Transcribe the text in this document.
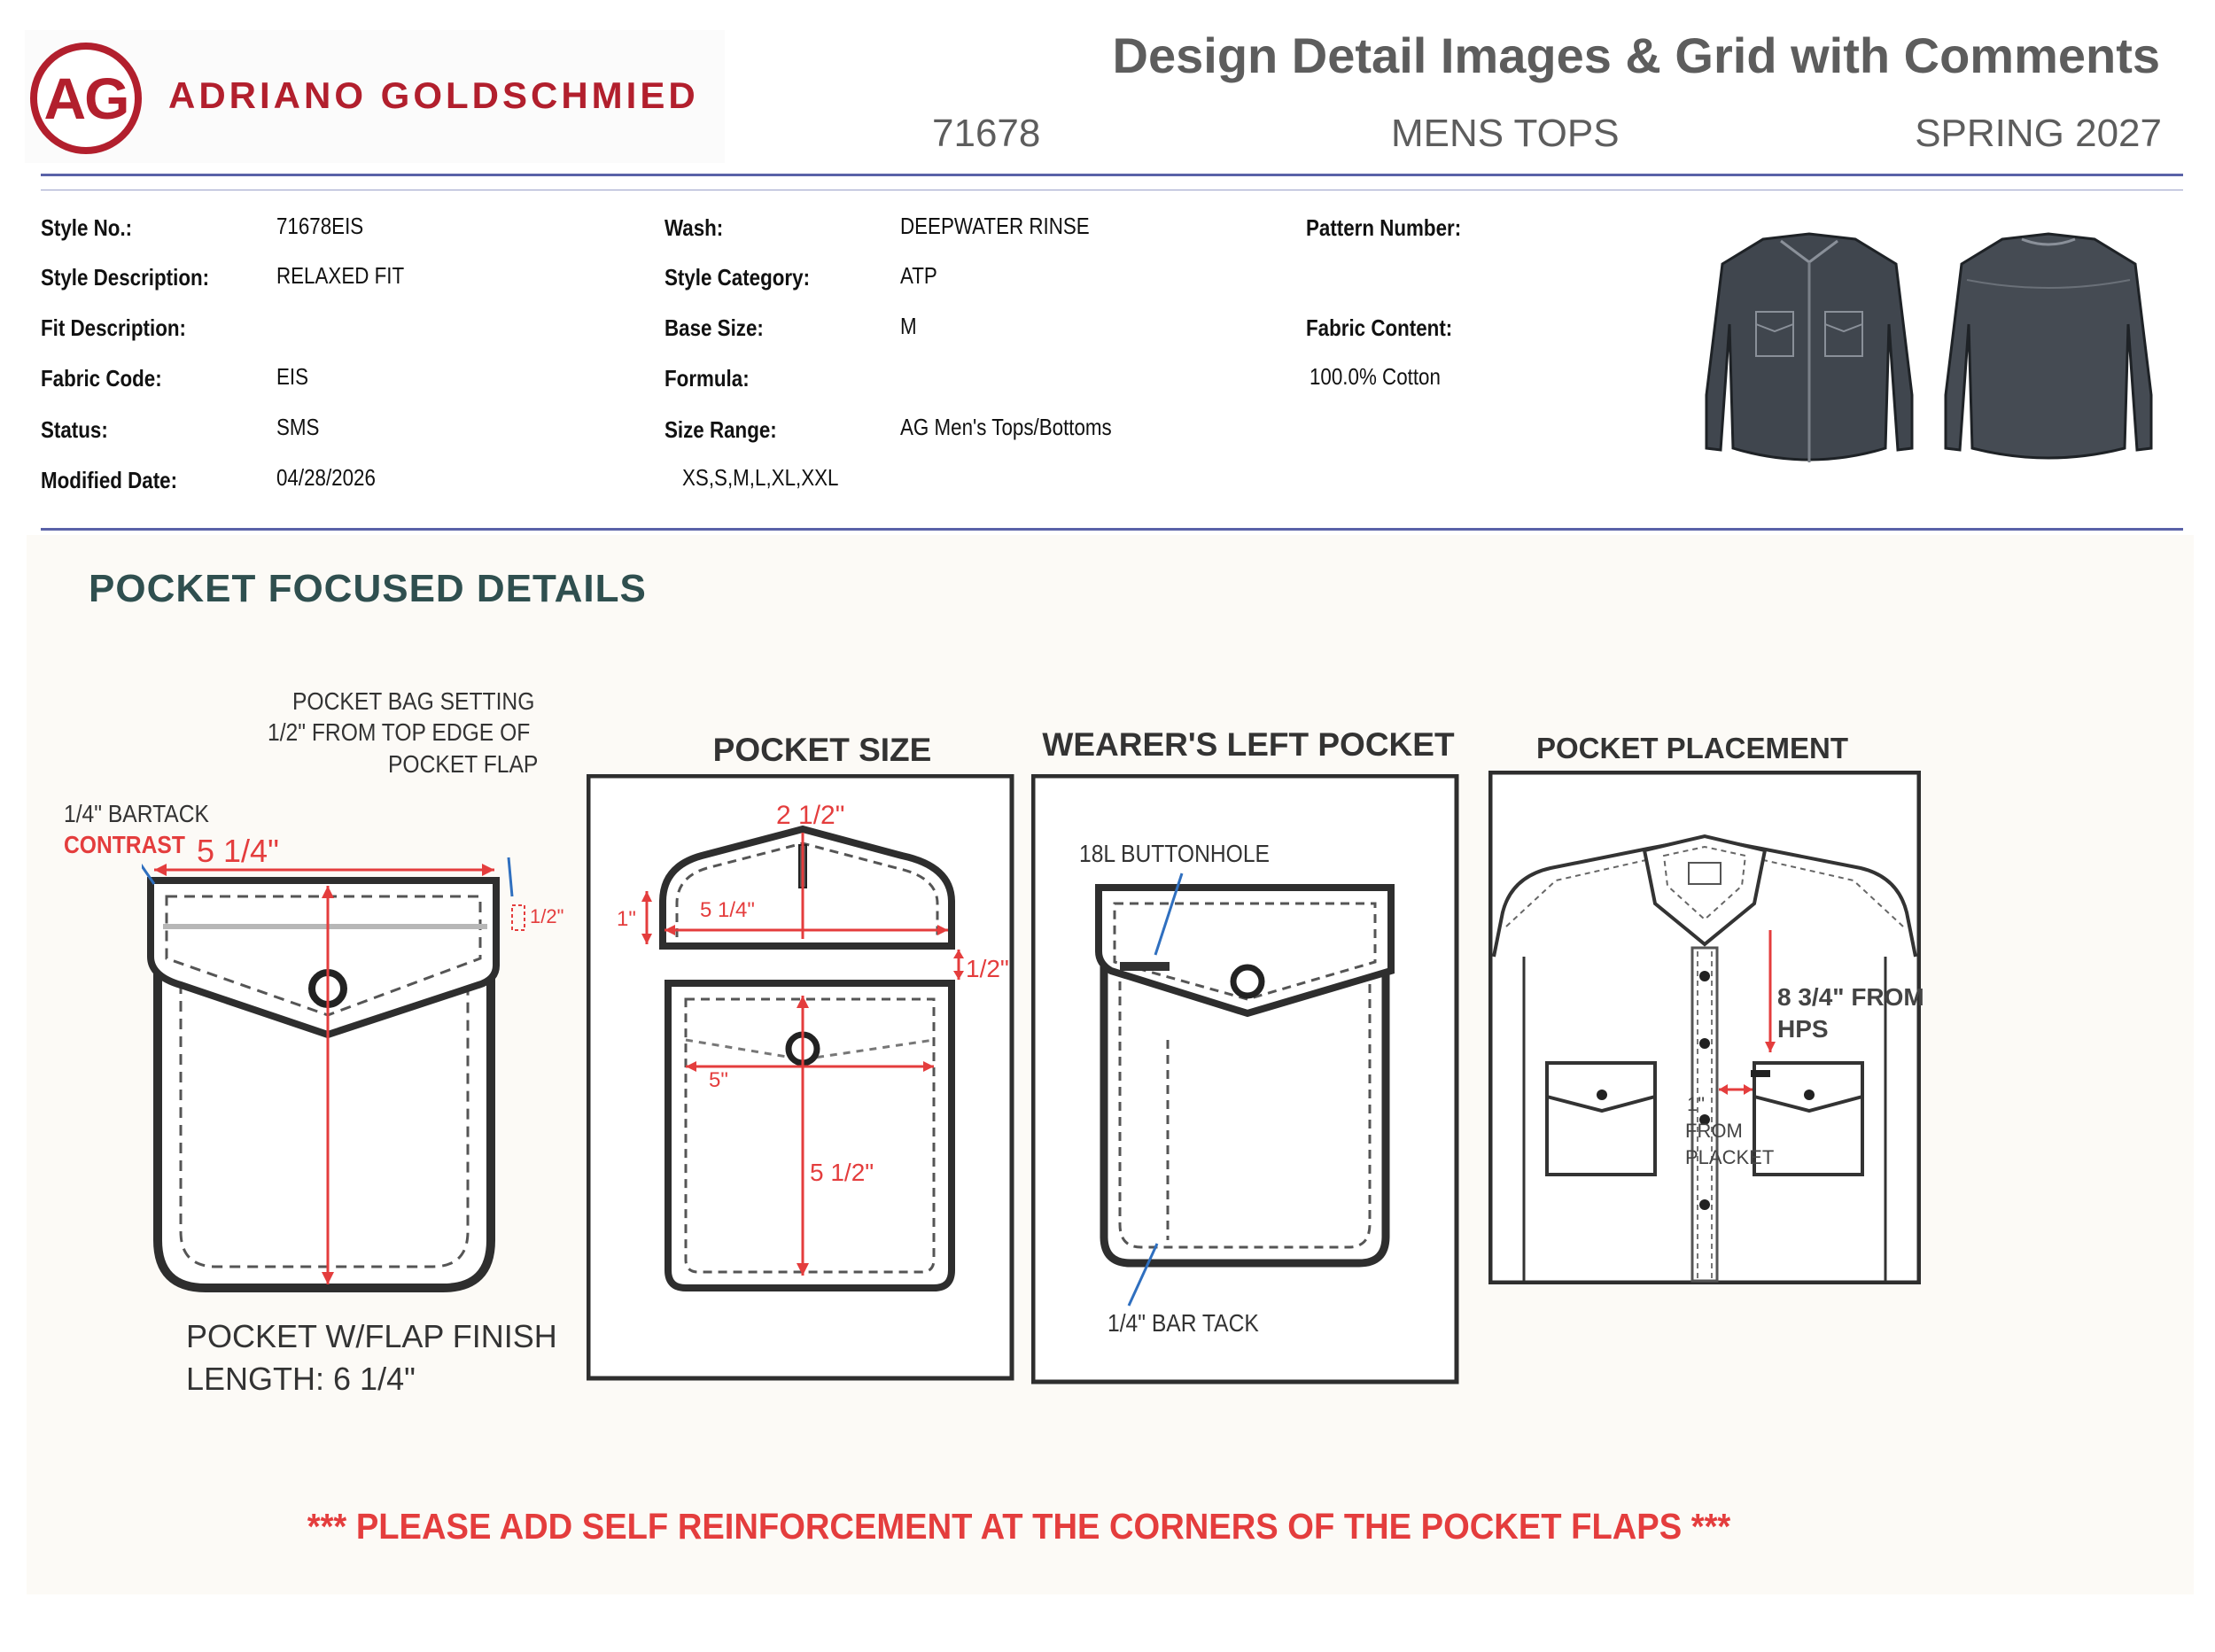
AG	ADRIANO GOLDSCHMIED
Design Detail Images & Grid with Comments
71678	MENS TOPS	SPRING 2027
Style No.:	71678EIS
Style Description:	RELAXED FIT
Fit Description:
Fabric Code:	EIS
Status:	SMS
Modified Date:	04/28/2026
Wash:	DEEPWATER RINSE
Style Category:	ATP
Base Size:	M
Formula:
Size Range:	AG Men's Tops/Bottoms
XS,S,M,L,XL,XXL
Pattern Number:
Fabric Content:
100.0% Cotton
POCKET FOCUSED DETAILS
POCKET BAG SETTING
1/2" FROM TOP EDGE OF
POCKET FLAP
1/4" BARTACK
CONTRAST 5 1/4"
1/2"
POCKET W/FLAP FINISH
LENGTH: 6 1/4"
POCKET SIZE
2 1/2"
5 1/4"
1"
1/2"
5"
5 1/2"
WEARER'S LEFT POCKET
18L BUTTONHOLE
1/4" BAR TACK
POCKET PLACEMENT
8 3/4" FROM
HPS
1"
FROM
PLACKET
*** PLEASE ADD SELF REINFORCEMENT AT THE CORNERS OF THE POCKET FLAPS ***
